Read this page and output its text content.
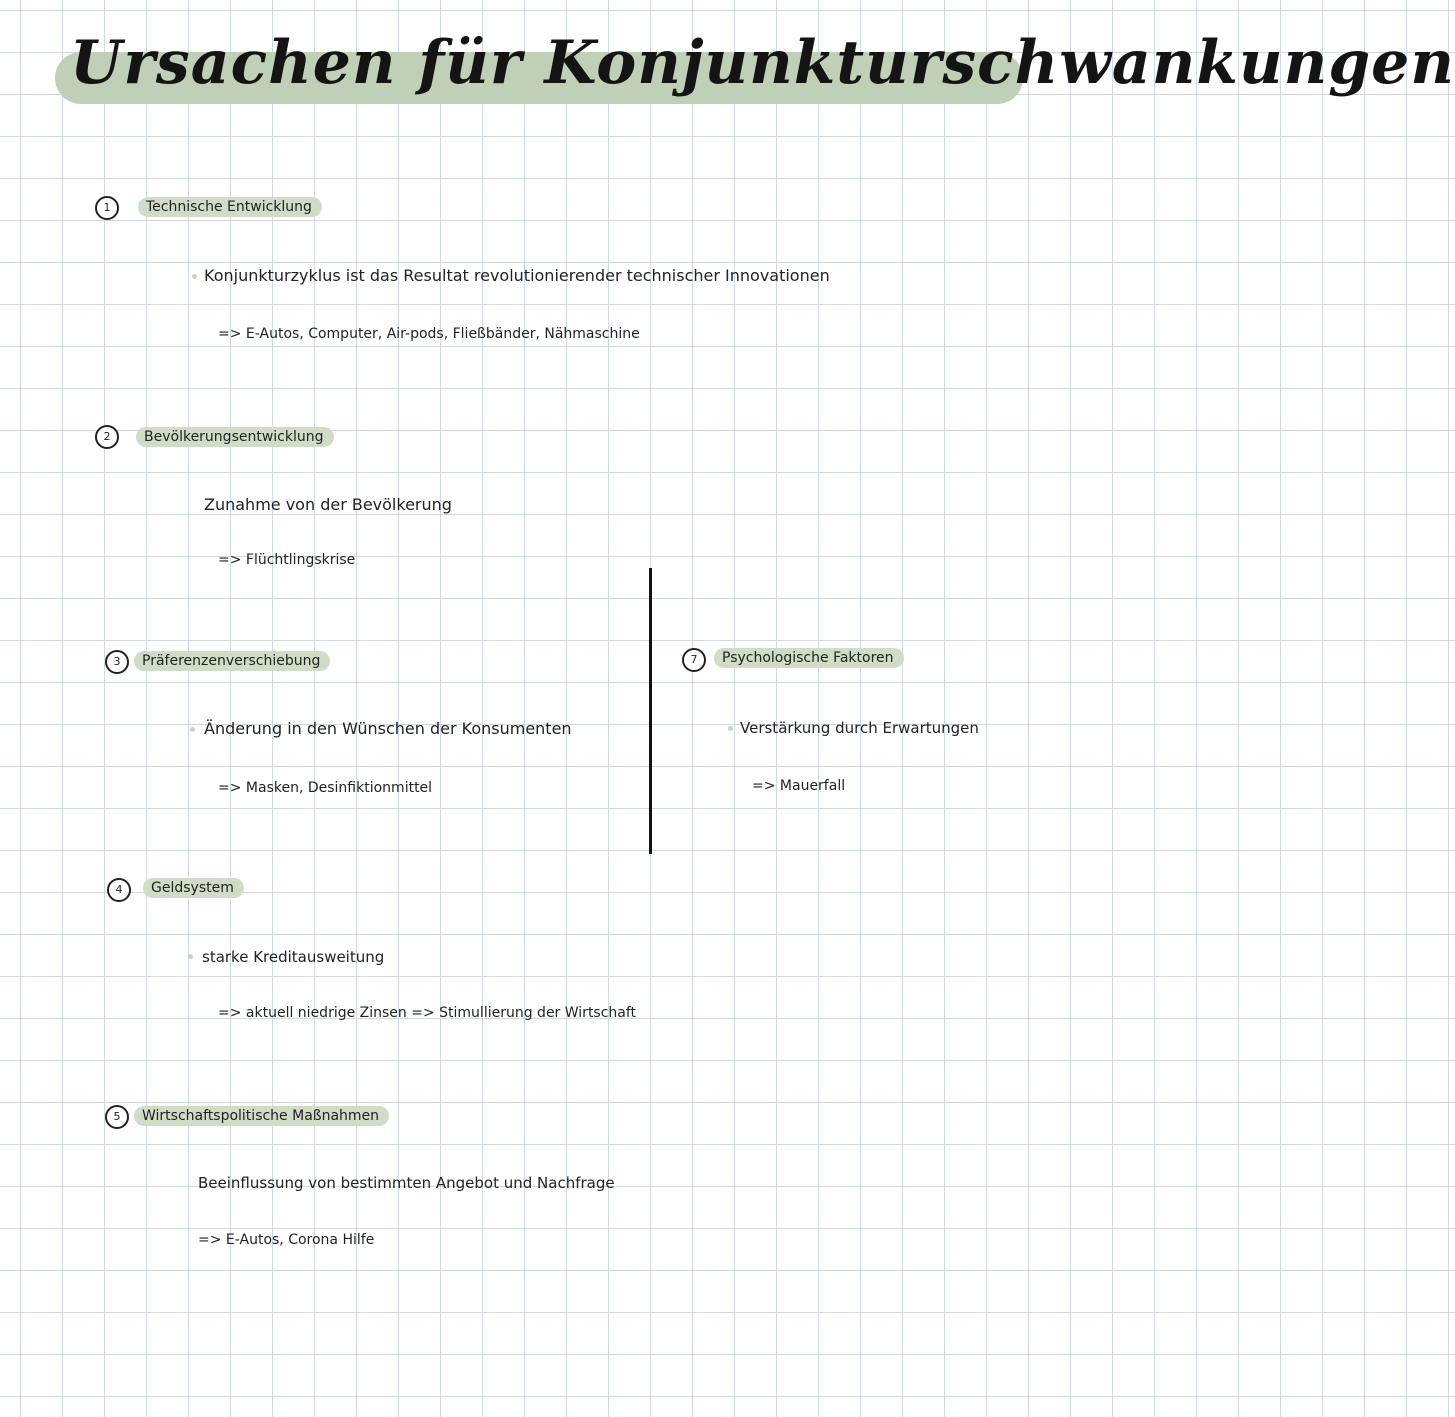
Ursachen für Konjunkturschwankungen
1	Technische Entwicklung
Konjunkturzyklus ist das Resultat revolutionierender technischer Innovationen
=> E-Autos, Computer, Air-pods, Fließbänder, Nähmaschine
2	Bevölkerungsentwicklung
Zunahme von der Bevölkerung
=> Flüchtlingskrise
3	Präferenzenverschiebung
Änderung in den Wünschen der Konsumenten
=> Masken, Desinfiktionmittel
4	Geldsystem
starke Kreditausweitung
=> aktuell niedrige Zinsen => Stimullierung der Wirtschaft
5	Wirtschaftspolitische Maßnahmen
Beeinflussung von bestimmten Angebot und Nachfrage
=> E-Autos, Corona Hilfe
7	Psychologische Faktoren
Verstärkung durch Erwartungen
=> Mauerfall
